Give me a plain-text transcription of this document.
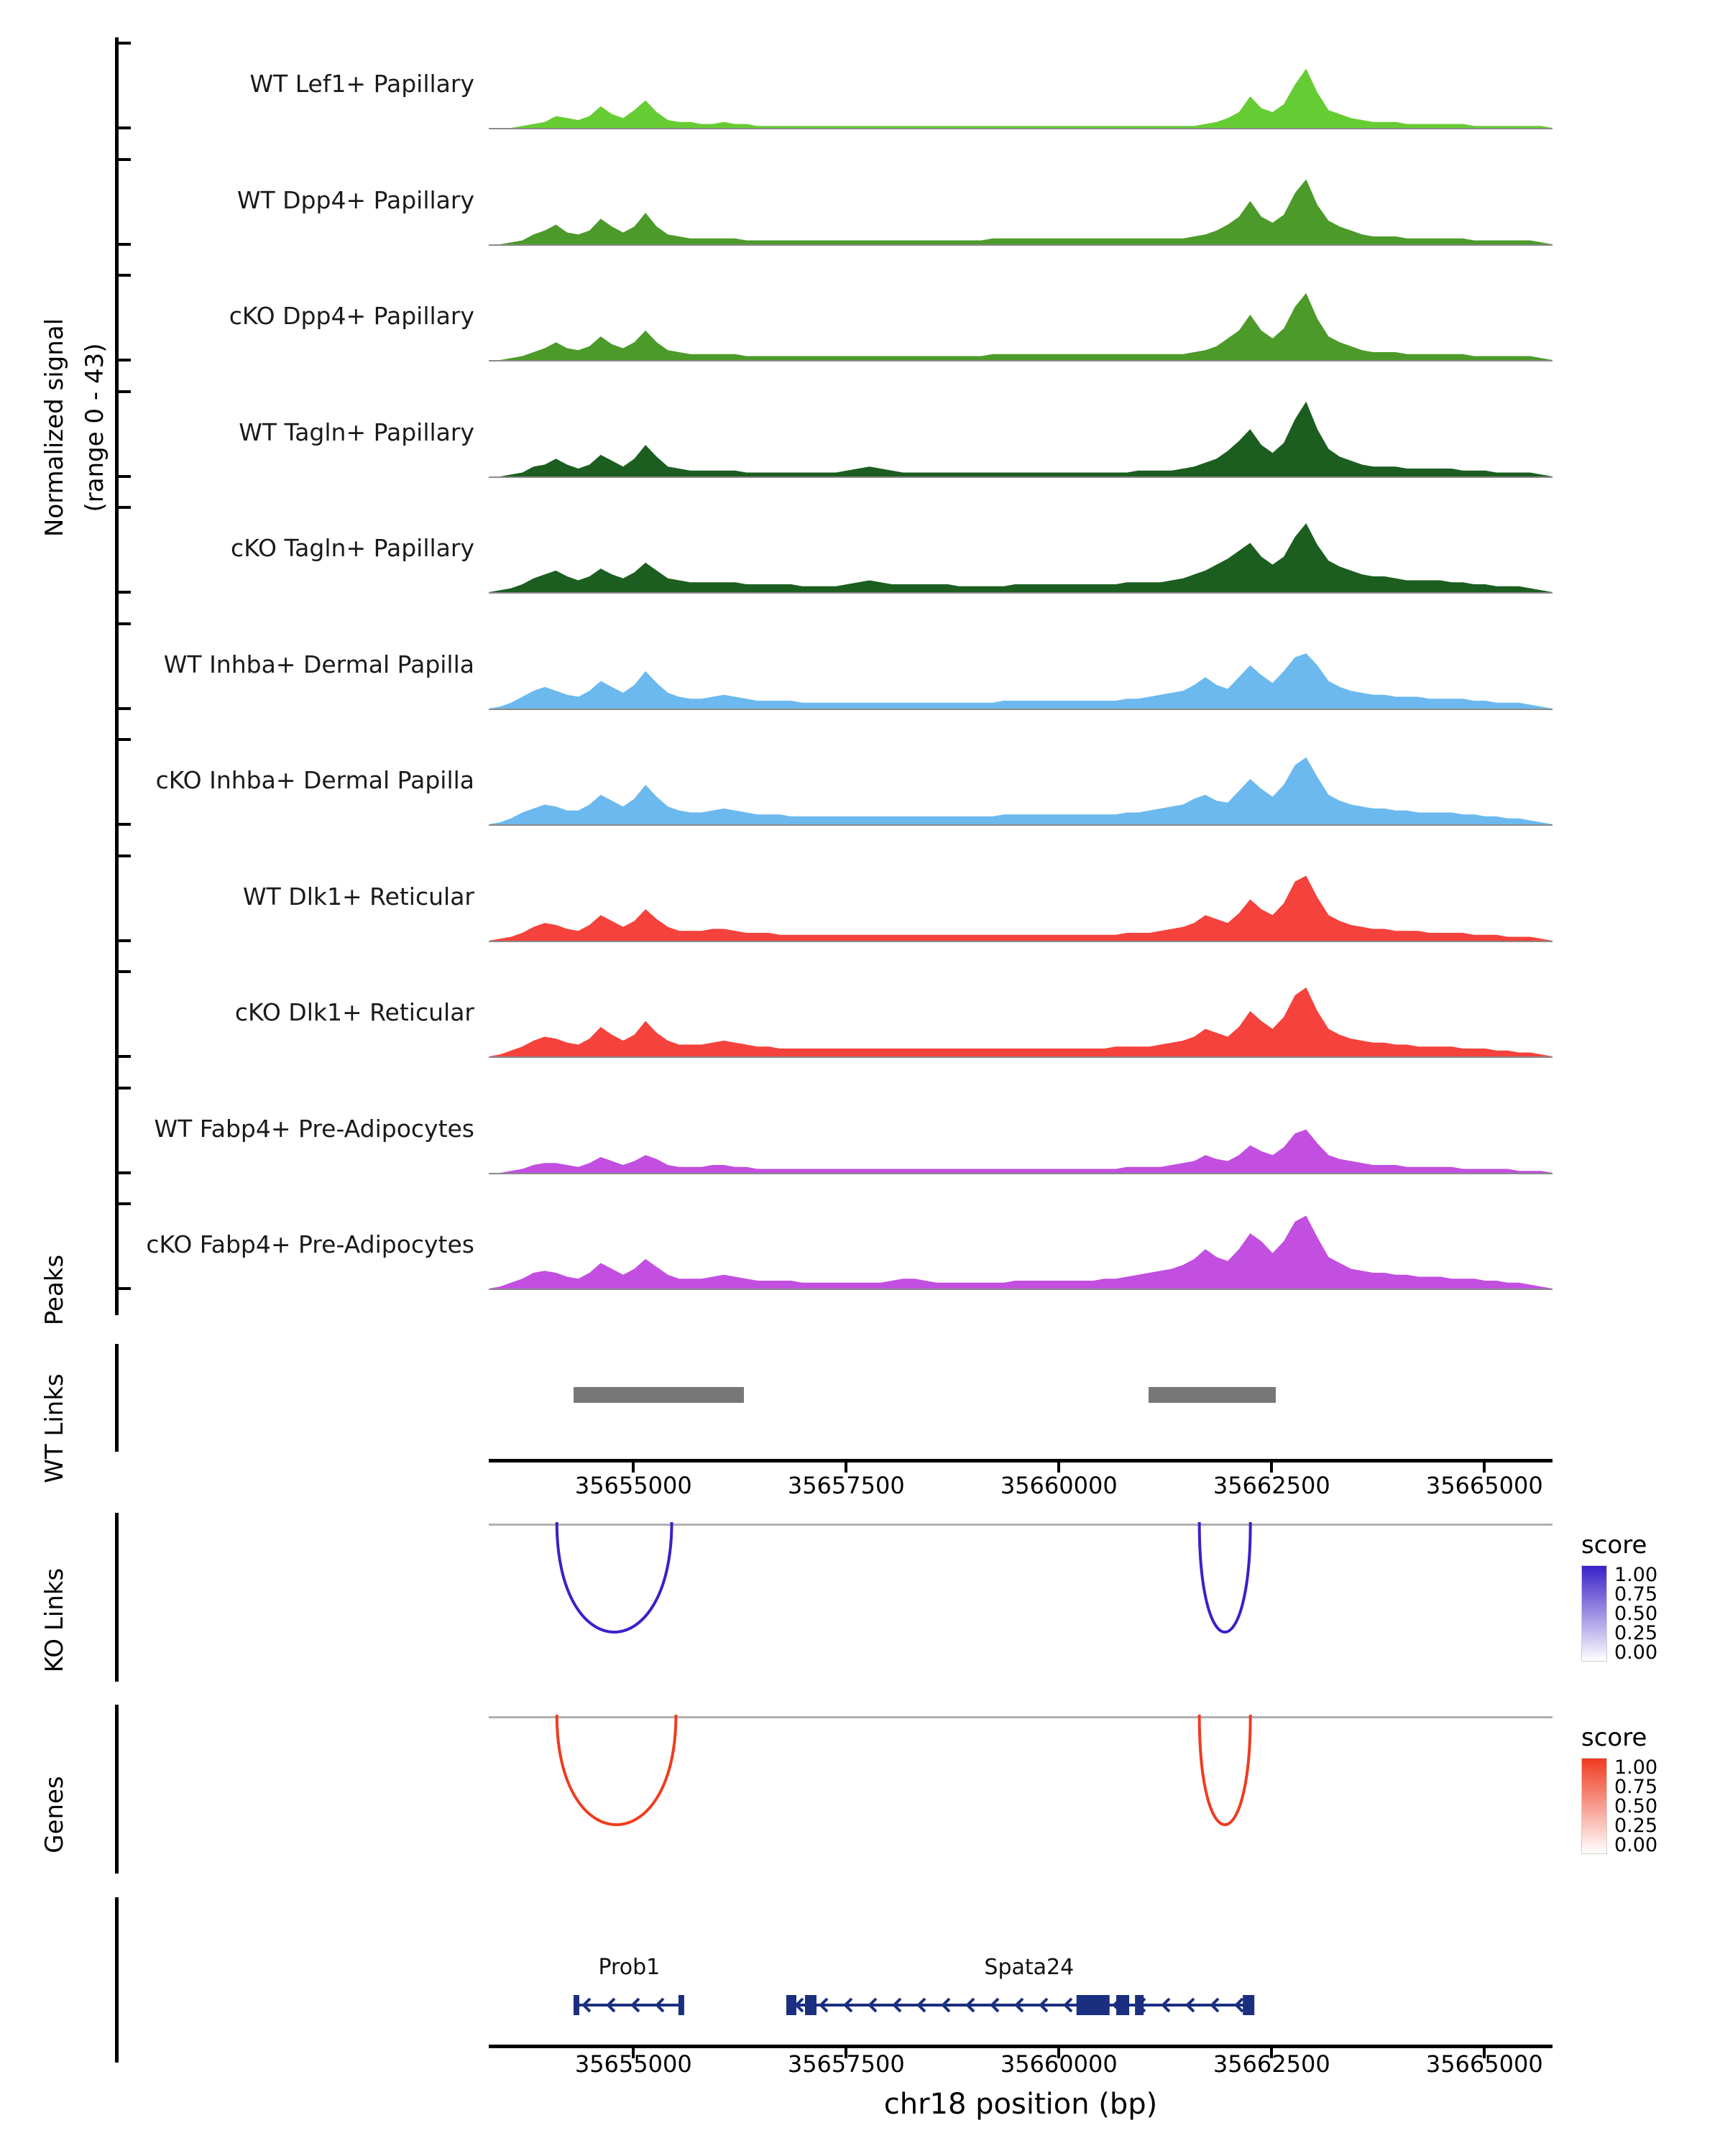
Normalized signal (range 0 - 43)
WT Lef1+ Papillary
WT Dpp4+ Papillary
cKO Dpp4+ Papillary
WT Tagln+ Papillary
cKO Tagln+ Papillary
WT Inhba+ Dermal Papilla
cKO Inhba+ Dermal Papilla
WT Dlk1+ Reticular
cKO Dlk1+ Reticular
WT Fabp4+ Pre-Adipocytes
cKO Fabp4+ Pre-Adipocytes
Peaks
35655000	35657500	35660000	35662500	35665000
WT Links
score
1.00
0.75
0.50
0.25
0.00
KO Links
score
1.00
0.75
0.50
0.25
0.00
Genes
Prob1	Spata24
35655000	35657500	35660000	35662500	35665000
chr18 position (bp)
